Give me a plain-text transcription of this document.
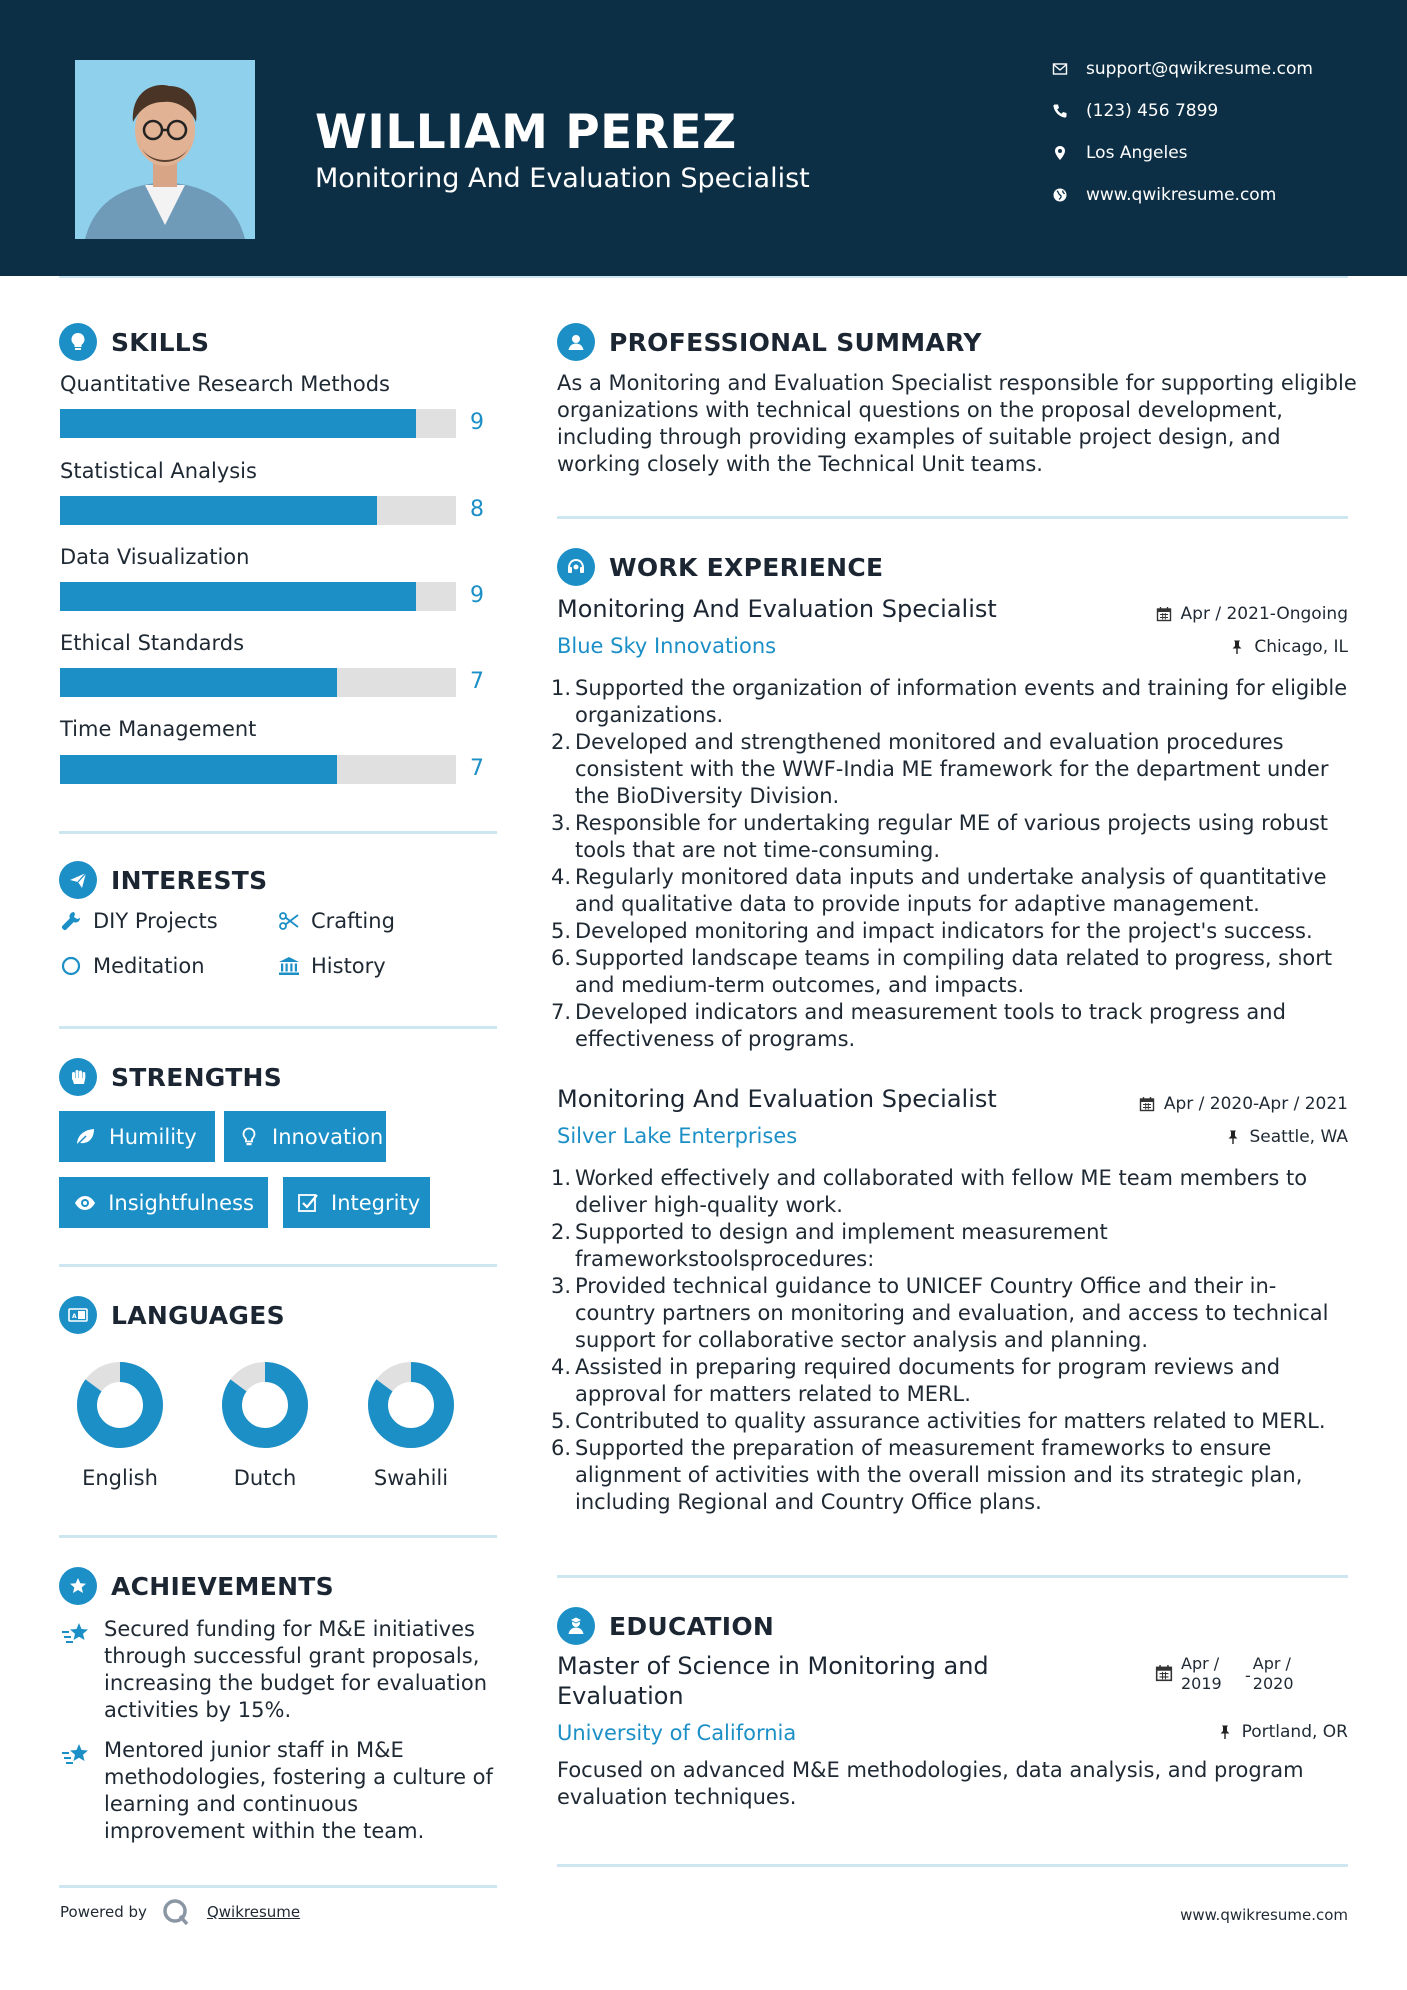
WILLIAM PEREZ
Monitoring And Evaluation Specialist
support@qwikresume.com
(123) 456 7899
Los Angeles
www.qwikresume.com
SKILLS
Quantitative Research Methods
9
Statistical Analysis
8
Data Visualization
9
Ethical Standards
7
Time Management
7
INTERESTS
DIY Projects	Crafting
Meditation	History
STRENGTHS
Humility	Innovation
Insightfulness	Integrity
A LANGUAGES
English	Dutch	Swahili
ACHIEVEMENTS
Secured funding for M&E initiatives through successful grant proposals, increasing the budget for evaluation activities by 15%.
Mentored junior staff in M&E methodologies, fostering a culture of learning and continuous improvement within the team.
PROFESSIONAL SUMMARY
As a Monitoring and Evaluation Specialist responsible for supporting eligible organizations with technical questions on the proposal development, including through providing examples of suitable project design, and working closely with the Technical Unit teams.
WORK EXPERIENCE
Monitoring And Evaluation Specialist	Apr / 2021-Ongoing
Blue Sky Innovations	Chicago, IL
1. Supported the organization of information events and training for eligible organizations.
2. Developed and strengthened monitored and evaluation procedures consistent with the WWF-India ME framework for the department under the BioDiversity Division.
3. Responsible for undertaking regular ME of various projects using robust tools that are not time-consuming.
4. Regularly monitored data inputs and undertake analysis of quantitative and qualitative data to provide inputs for adaptive management.
5. Developed monitoring and impact indicators for the project's success.
6. Supported landscape teams in compiling data related to progress, short and medium-term outcomes, and impacts.
7. Developed indicators and measurement tools to track progress and effectiveness of programs.
Monitoring And Evaluation Specialist	Apr / 2020-Apr / 2021
Silver Lake Enterprises	Seattle, WA
1. Worked effectively and collaborated with fellow ME team members to deliver high-quality work.
2. Supported to design and implement measurement frameworkstoolsprocedures:
3. Provided technical guidance to UNICEF Country Office and their in-country partners on monitoring and evaluation, and access to technical support for collaborative sector analysis and planning.
4. Assisted in preparing required documents for program reviews and approval for matters related to MERL.
5. Contributed to quality assurance activities for matters related to MERL.
6. Supported the preparation of measurement frameworks to ensure alignment of activities with the overall mission and its strategic plan, including Regional and Country Office plans.
EDUCATION
Master of Science in Monitoring and Evaluation
Apr / 2019	-
Apr / 2020
University of California	Portland, OR
Focused on advanced M&E methodologies, data analysis, and program evaluation techniques.
Powered by	Qwikresume	www.qwikresume.com
